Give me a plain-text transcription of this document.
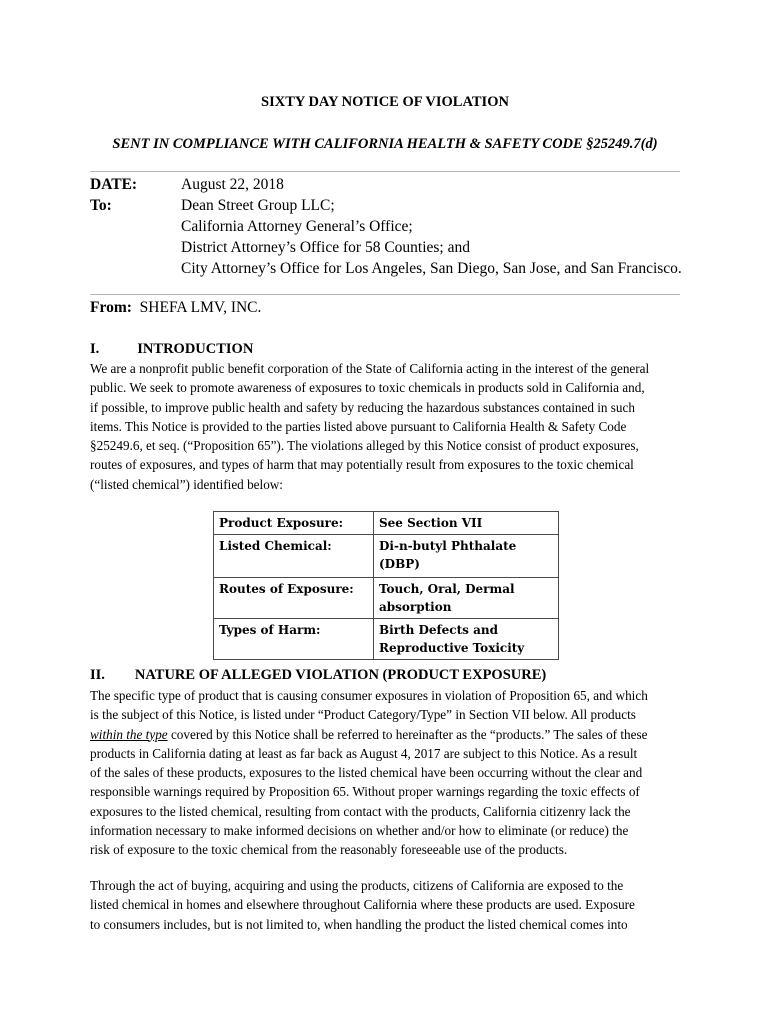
SIXTY DAY NOTICE OF VIOLATION
SENT IN COMPLIANCE WITH CALIFORNIA HEALTH & SAFETY CODE §25249.7(d)
DATE:	August 22, 2018
To:	Dean Street Group LLC;
California Attorney General’s Office;
District Attorney’s Office for 58 Counties; and
City Attorney’s Office for Los Angeles, San Diego, San Jose, and San Francisco.
From: SHEFA LMV, INC.
I.	INTRODUCTION
We are a nonprofit public benefit corporation of the State of California acting in the interest of the general
public. We seek to promote awareness of exposures to toxic chemicals in products sold in California and,
if possible, to improve public health and safety by reducing the hazardous substances contained in such
items. This Notice is provided to the parties listed above pursuant to California Health & Safety Code
§25249.6, et seq. (“Proposition 65”). The violations alleged by this Notice consist of product exposures,
routes of exposures, and types of harm that may potentially result from exposures to the toxic chemical
(“listed chemical”) identified below:
Product Exposure:	See Section VII
Listed Chemical:	Di-n-butyl Phthalate (DBP)
Routes of Exposure:	Touch, Oral, Dermal absorption
Types of Harm:	Birth Defects and Reproductive Toxicity
II. NATURE OF ALLEGED VIOLATION (PRODUCT EXPOSURE)
The specific type of product that is causing consumer exposures in violation of Proposition 65, and which
is the subject of this Notice, is listed under “Product Category/Type” in Section VII below. All products
within the type covered by this Notice shall be referred to hereinafter as the “products.” The sales of these
products in California dating at least as far back as August 4, 2017 are subject to this Notice. As a result
of the sales of these products, exposures to the listed chemical have been occurring without the clear and
responsible warnings required by Proposition 65. Without proper warnings regarding the toxic effects of
exposures to the listed chemical, resulting from contact with the products, California citizenry lack the
information necessary to make informed decisions on whether and/or how to eliminate (or reduce) the
risk of exposure to the toxic chemical from the reasonably foreseeable use of the products.
Through the act of buying, acquiring and using the products, citizens of California are exposed to the
listed chemical in homes and elsewhere throughout California where these products are used. Exposure
to consumers includes, but is not limited to, when handling the product the listed chemical comes into
